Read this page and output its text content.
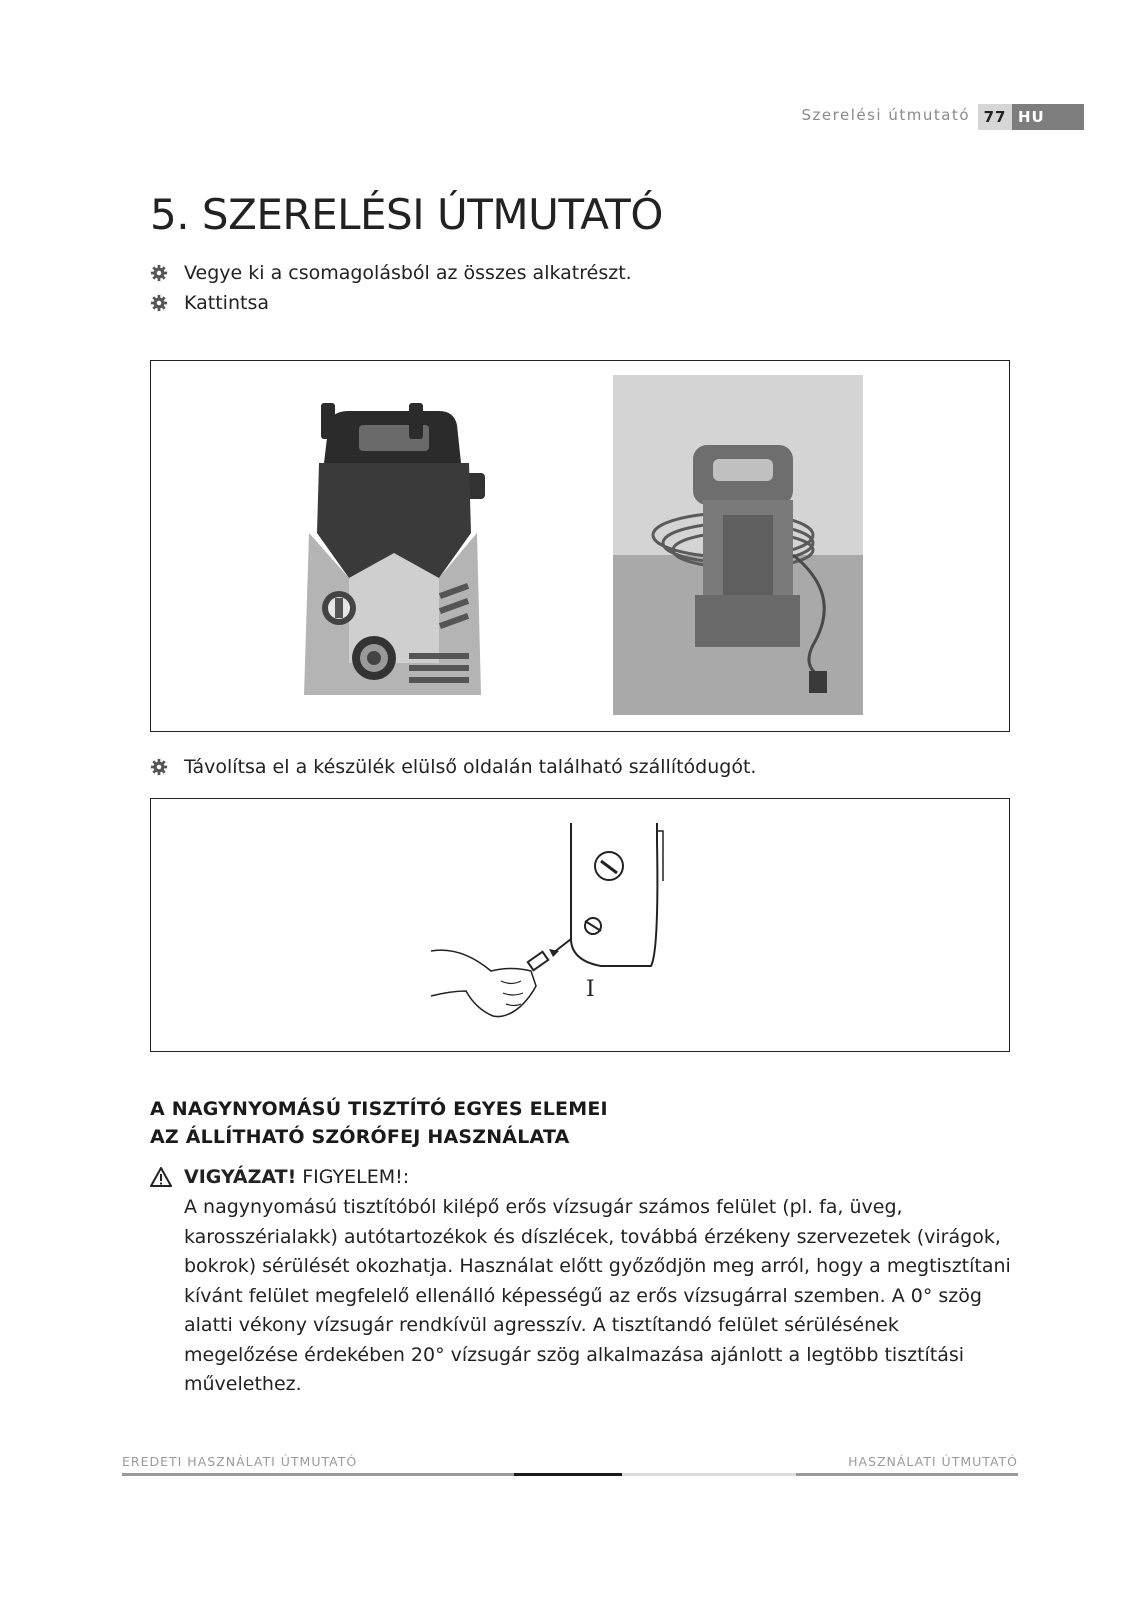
Szerelési útmutató 77 HU
5. SZERELÉSI ÚTMUTATÓ
Vegye ki a csomagolásból az összes alkatrészt.
Kattintsa
Távolítsa el a készülék elülső oldalán található szállítódugót.
I
A NAGYNYOMÁSÚ TISZTÍTÓ EGYES ELEMEI
AZ ÁLLÍTHATÓ SZÓRÓFEJ HASZNÁLATA
VIGYÁZAT! FIGYELEM!:

A nagynyomású tisztítóból kilépő erős vízsugár számos felület (pl. fa, üveg, karosszérialakk) autótartozékok és díszlécek, továbbá érzékeny szervezetek (virágok, bokrok) sérülését okozhatja. Használat előtt győződjön meg arról, hogy a megtisztítani kívánt felület megfelelő ellenálló képességű az erős vízsugárral szemben. A 0° szög alatti vékony vízsugár rendkívül agresszív. A tisztítandó felület sérülésének megelőzése érdekében 20° vízsugár szög alkalmazása ajánlott a legtöbb tisztítási művelethez.

EREDETI HASZNÁLATI ÚTMUTATÓ	HASZNÁLATI ÚTMUTATÓ
